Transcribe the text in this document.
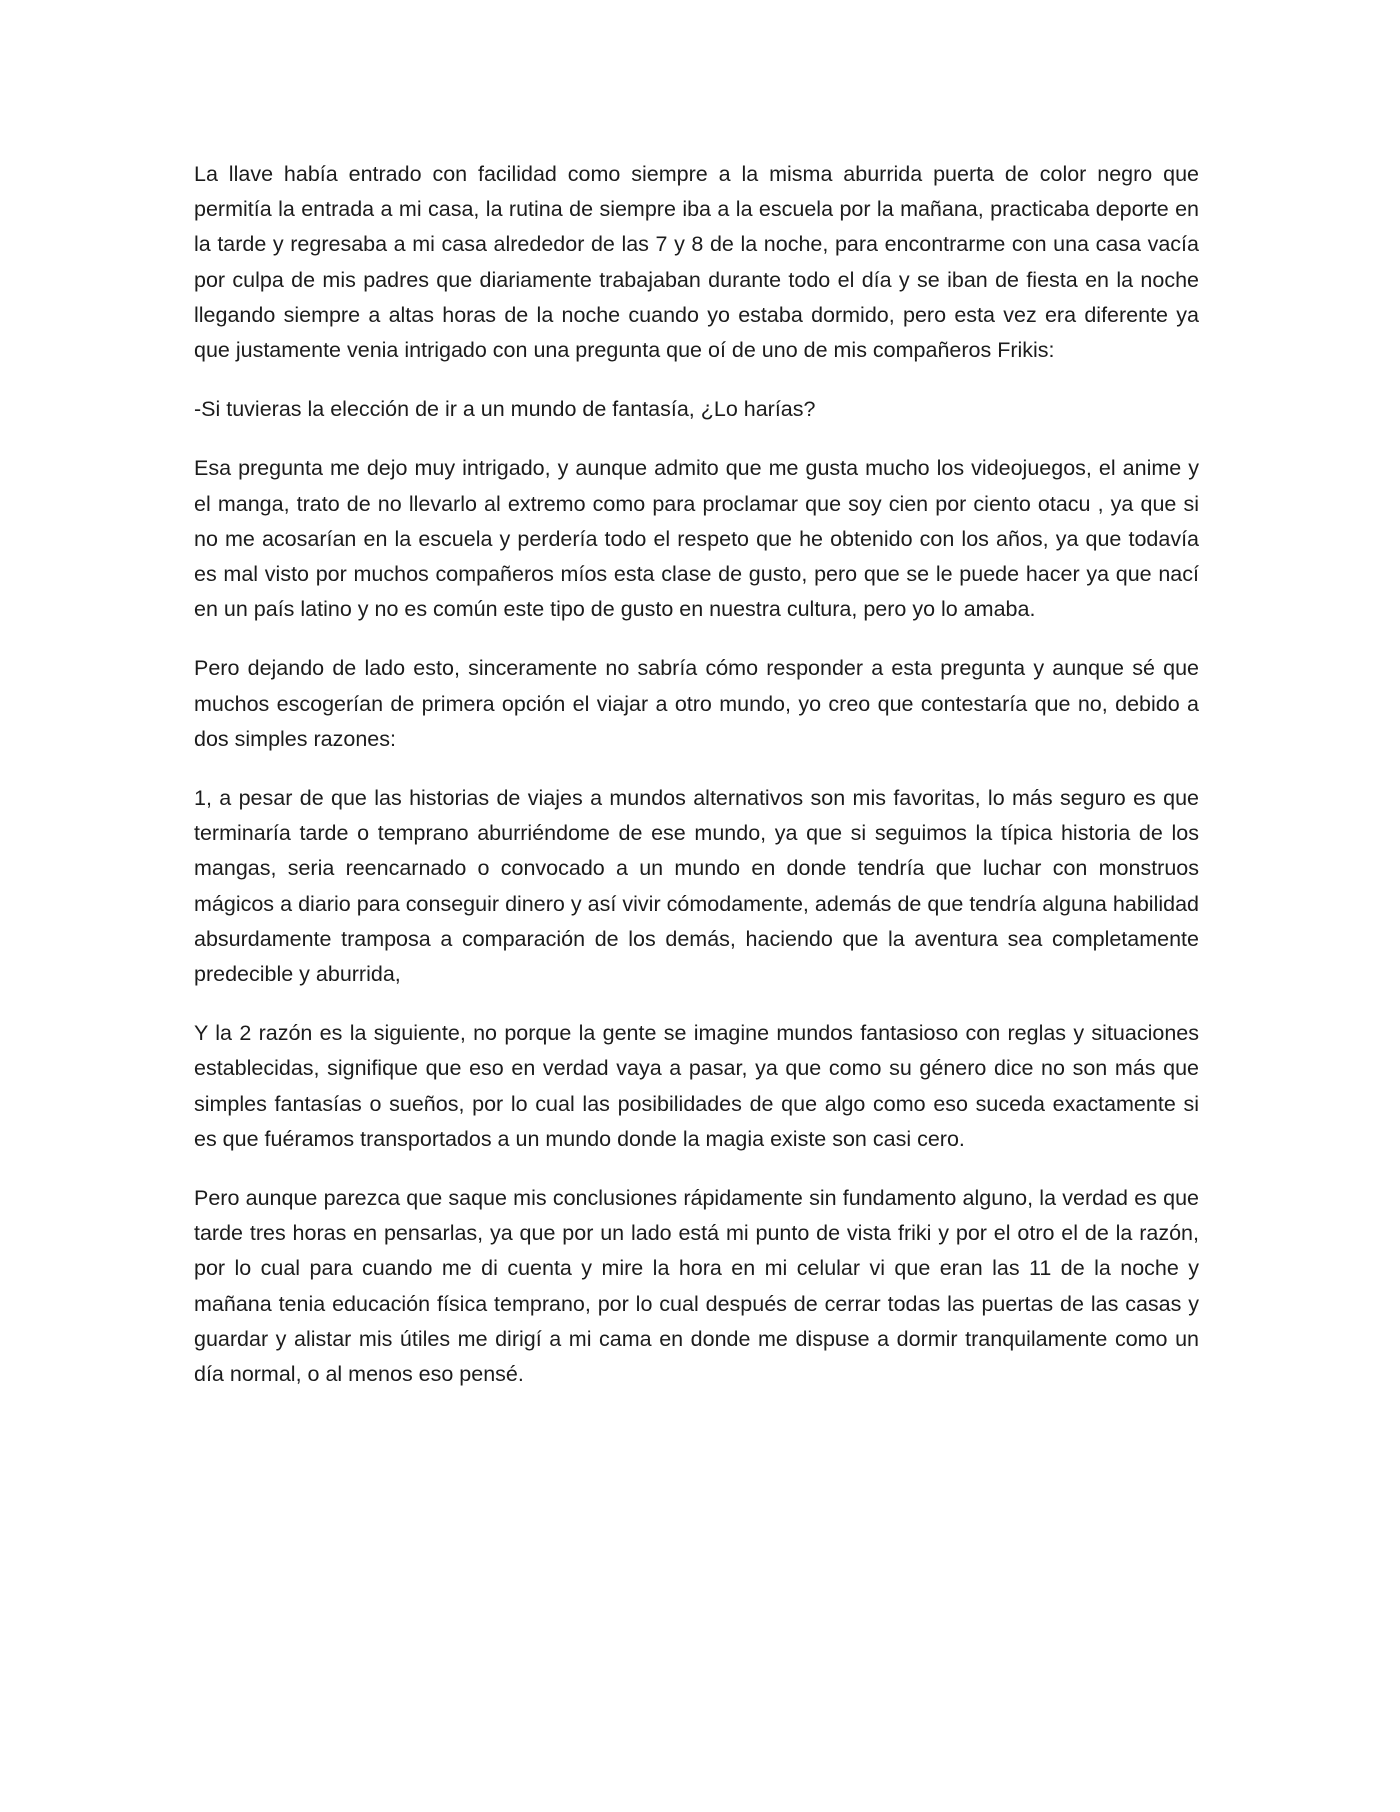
La llave había entrado con facilidad como siempre a la misma aburrida puerta de color negro que permitía la entrada a mi casa, la rutina de siempre iba a la escuela por la mañana, practicaba deporte en la tarde y regresaba a mi casa alrededor de las 7 y 8 de la noche, para encontrarme con una casa vacía por culpa de mis padres que diariamente trabajaban durante todo el día y se iban de fiesta en la noche llegando siempre a altas horas de la noche cuando yo estaba dormido, pero esta vez era diferente ya que justamente venia intrigado con una pregunta que oí de uno de mis compañeros Frikis:

-Si tuvieras la elección de ir a un mundo de fantasía, ¿Lo harías?

Esa pregunta me dejo muy intrigado, y aunque admito que me gusta mucho los videojuegos, el anime y el manga, trato de no llevarlo al extremo como para proclamar que soy cien por ciento otacu , ya que si no me acosarían en la escuela y perdería todo el respeto que he obtenido con los años, ya que todavía es mal visto por muchos compañeros míos esta clase de gusto, pero que se le puede hacer ya que nací en un país latino y no es común este tipo de gusto en nuestra cultura, pero yo lo amaba.

Pero dejando de lado esto, sinceramente no sabría cómo responder a esta pregunta y aunque sé que muchos escogerían de primera opción el viajar a otro mundo, yo creo que contestaría que no, debido a dos simples razones:

1, a pesar de que las historias de viajes a mundos alternativos son mis favoritas, lo más seguro es que terminaría tarde o temprano aburriéndome de ese mundo, ya que si seguimos la típica historia de los mangas, seria reencarnado o convocado a un mundo en donde tendría que luchar con monstruos mágicos a diario para conseguir dinero y así vivir cómodamente, además de que tendría alguna habilidad absurdamente tramposa a comparación de los demás, haciendo que la aventura sea completamente predecible y aburrida,

Y la 2 razón es la siguiente, no porque la gente se imagine mundos fantasioso con reglas y situaciones establecidas, signifique que eso en verdad vaya a pasar, ya que como su género dice no son más que simples fantasías o sueños, por lo cual las posibilidades de que algo como eso suceda exactamente si es que fuéramos transportados a un mundo donde la magia existe son casi cero.

Pero aunque parezca que saque mis conclusiones rápidamente sin fundamento alguno, la verdad es que tarde tres horas en pensarlas, ya que por un lado está mi punto de vista friki y por el otro el de la razón, por lo cual para cuando me di cuenta y mire la hora en mi celular vi que eran las 11 de la noche y mañana tenia educación física temprano, por lo cual después de cerrar todas las puertas de las casas y guardar y alistar mis útiles me dirigí a mi cama en donde me dispuse a dormir tranquilamente como un día normal, o al menos eso pensé.
